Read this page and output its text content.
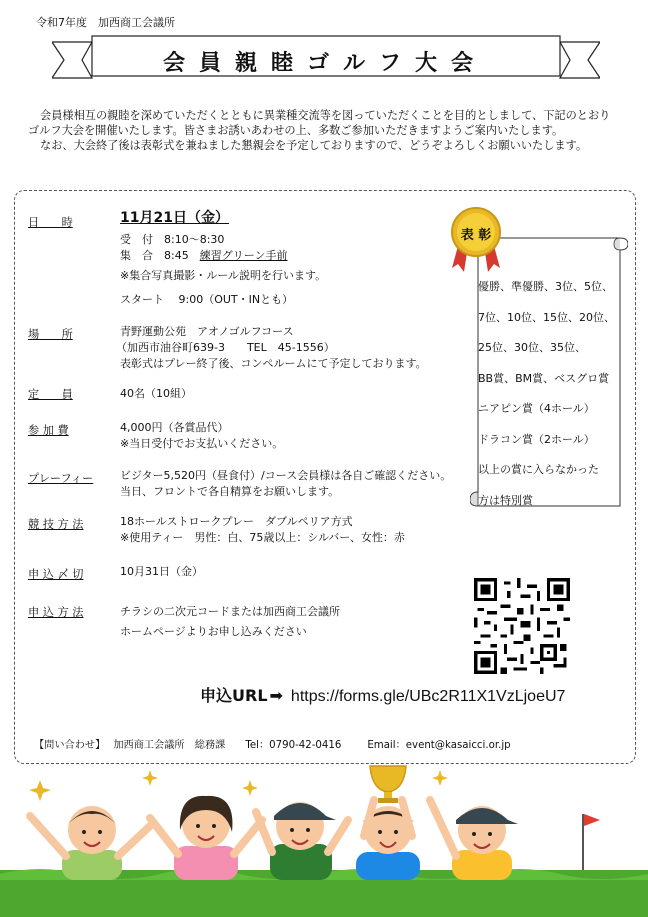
令和7年度　加西商工会議所
会員親睦ゴルフ大会

会員様相互の親睦を深めていただくとともに異業種交流等を図っていただくことを目的としまして、下記のとおりゴルフ大会を開催いたします。皆さまお誘いあわせの上、多数ご参加いただきますようご案内いたします。

なお、大会終了後は表彰式を兼ねました懇親会を予定しておりますので、どうぞよろしくお願いいたします。

日　　時	11月21日（金）
受　付　8:10～8:30
集　合　8:45　練習グリーン手前
※集合写真撮影・ルール説明を行います。
スタート　 9:00（OUT・INとも）
場　　所	青野運動公苑　アオノゴルフコース
（加西市油谷町639-3　　TEL　45-1556）
表彰式はプレー終了後、コンペルームにて予定しております。
定　　員	40名（10組）
参 加 費	4,000円（各賞品代）
※当日受付でお支払いください。
プレーフィー ビジター5,520円（昼食付）/コース会員様は各自ご確認ください。
当日、フロントで各自精算をお願いします。
競 技 方 法	18ホールストロークプレー　ダブルペリア方式
※使用ティー　男性：白、75歳以上：シルバー、女性：赤
申 込 〆 切	10月31日（金）
申 込 方 法	チラシの二次元コードまたは加西商工会議所
ホームページよりお申し込みください
優勝、準優勝、3位、5位、
7位、10位、15位、20位、
25位、30位、35位、
BB賞、BM賞、ベスグロ賞
ニアピン賞（4ホール）
ドラコン賞（2ホール）
以上の賞に入らなかった
方は特別賞
表 彰
申込URL ➡ https://forms.gle/UBc2R11X1VzLjoeU7
【問い合わせ】 加西商工会議所　総務課 Tel：0790-42-0416	Email：event@kasaicci.or.jp
